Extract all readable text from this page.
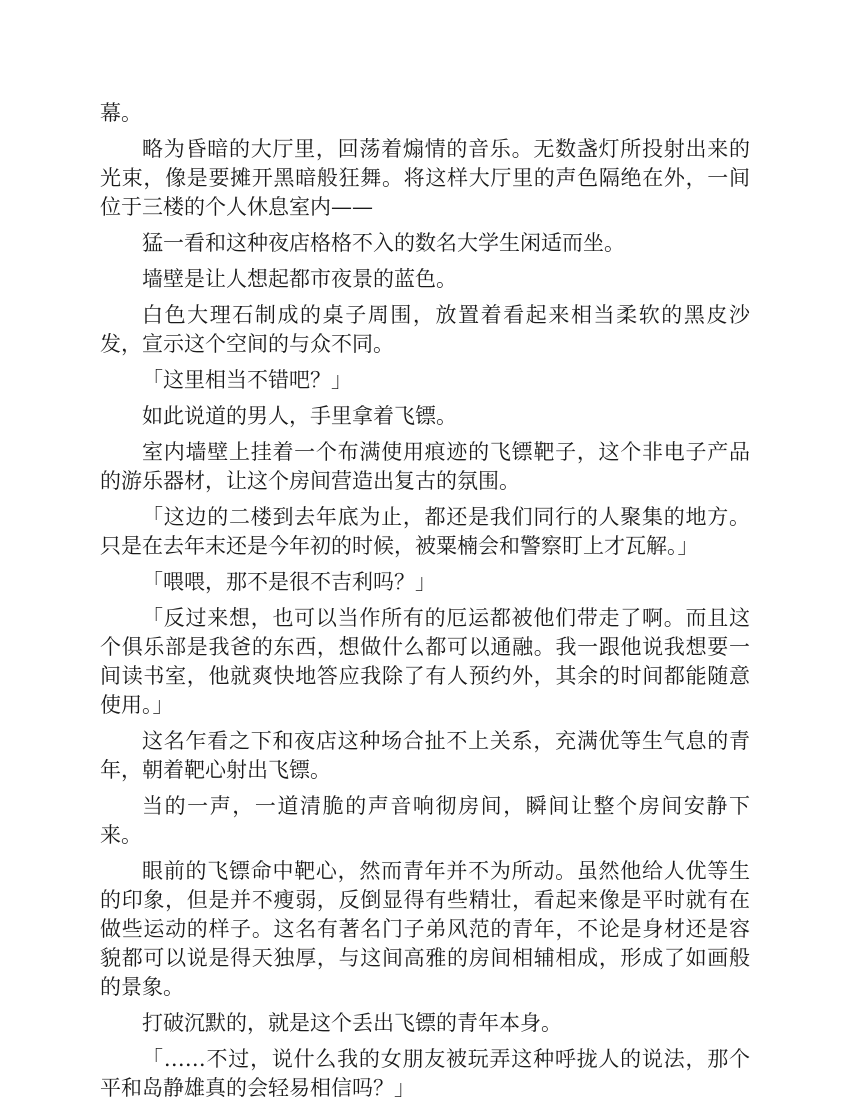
幕。

略为昏暗的大厅里，回荡着煽情的音乐。无数盏灯所投射出来的光束，像是要摊开黑暗般狂舞。将这样大厅里的声色隔绝在外，一间位于三楼的个人休息室内——

猛一看和这种夜店格格不入的数名大学生闲适而坐。

墙壁是让人想起都市夜景的蓝色。

白色大理石制成的桌子周围，放置着看起来相当柔软的黑皮沙发，宣示这个空间的与众不同。

「这里相当不错吧？」

如此说道的男人，手里拿着飞镖。

室内墙壁上挂着一个布满使用痕迹的飞镖靶子，这个非电子产品的游乐器材，让这个房间营造出复古的氛围。

「这边的二楼到去年底为止，都还是我们同行的人聚集的地方。只是在去年末还是今年初的时候，被粟楠会和警察盯上才瓦解。」

「喂喂，那不是很不吉利吗？」

「反过来想，也可以当作所有的厄运都被他们带走了啊。而且这个俱乐部是我爸的东西，想做什么都可以通融。我一跟他说我想要一间读书室，他就爽快地答应我除了有人预约外，其余的时间都能随意使用。」

这名乍看之下和夜店这种场合扯不上关系，充满优等生气息的青年，朝着靶心射出飞镖。

当的一声，一道清脆的声音响彻房间，瞬间让整个房间安静下来。

眼前的飞镖命中靶心，然而青年并不为所动。虽然他给人优等生的印象，但是并不瘦弱，反倒显得有些精壮，看起来像是平时就有在做些运动的样子。这名有著名门子弟风范的青年，不论是身材还是容貌都可以说是得天独厚，与这间高雅的房间相辅相成，形成了如画般的景象。

打破沉默的，就是这个丢出飞镖的青年本身。

「……不过，说什么我的女朋友被玩弄这种呼拢人的说法，那个平和岛静雄真的会轻易相信吗？」
